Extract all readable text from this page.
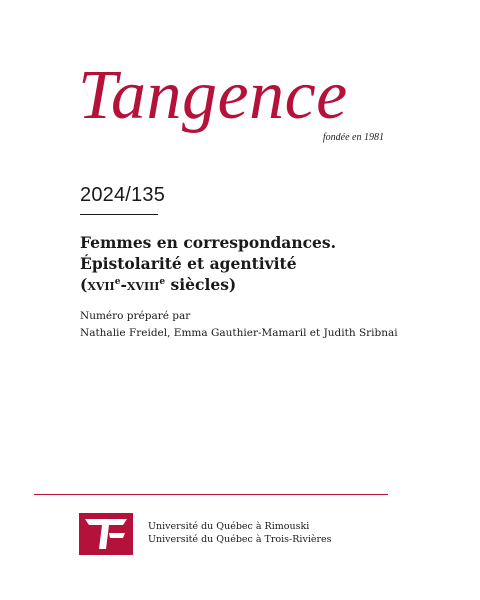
Tangence
fondée en 1981
2024/135
Femmes en correspondances.
Épistolarité et agentivité
(xvii$^e$-xviii$^e$ siècles)
Numéro préparé par
Nathalie Freidel, Emma Gauthier-Mamaril et Judith Sribnai
Université du Québec à Rimouski
Université du Québec à Trois-Rivières
